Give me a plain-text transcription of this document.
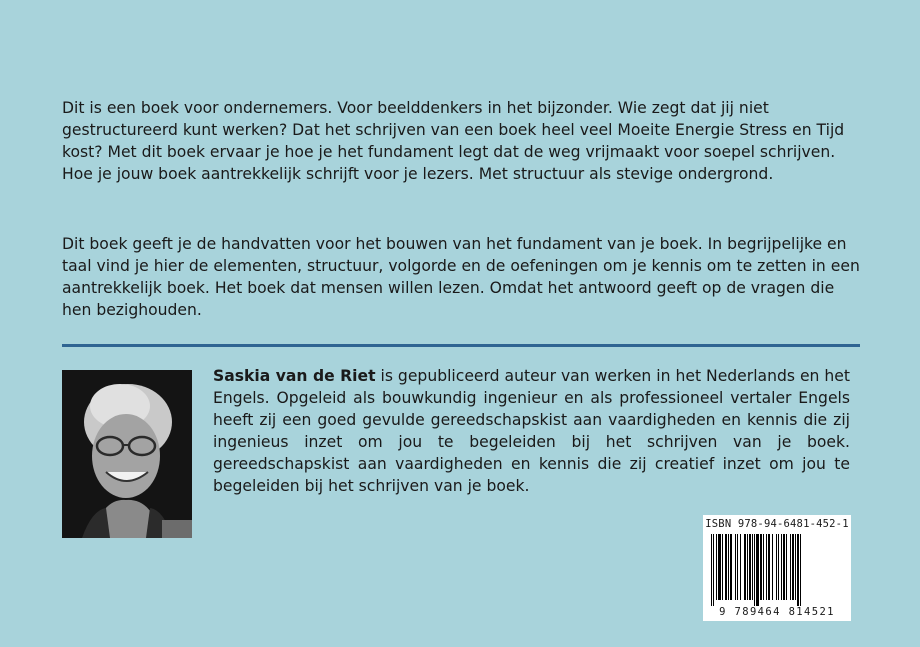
Dit is een boek voor ondernemers. Voor beelddenkers in het bijzonder. Wie zegt dat jij niet gestructureerd kunt werken? Dat het schrijven van een boek heel veel Moeite Energie Stress en Tijd kost? Met dit boek ervaar je hoe je het fundament legt dat de weg vrijmaakt voor soepel schrijven. Hoe je jouw boek aantrekkelijk schrijft voor je lezers. Met structuur als stevige ondergrond.

Dit boek geeft je de handvatten voor het bouwen van het fundament van je boek. In begrijpelijke en taal vind je hier de elementen, structuur, volgorde en de oefeningen om je kennis om te zetten in een aantrekkelijk boek. Het boek dat mensen willen lezen. Omdat het antwoord geeft op de vragen die hen bezighouden.

Saskia van de Riet is gepubliceerd auteur van werken in het Nederlands en het Engels. Opgeleid als bouwkundig ingenieur en als professioneel vertaler Engels heeft zij een goed gevulde gereedschapskist aan vaardigheden en kennis die zij ingenieus inzet om jou te begeleiden bij het schrijven van je boek. gereedschapskist aan vaardigheden en kennis die zij creatief inzet om jou te begeleiden bij het schrijven van je boek.

ISBN 978-94-6481-452-1
9 789464 814521
